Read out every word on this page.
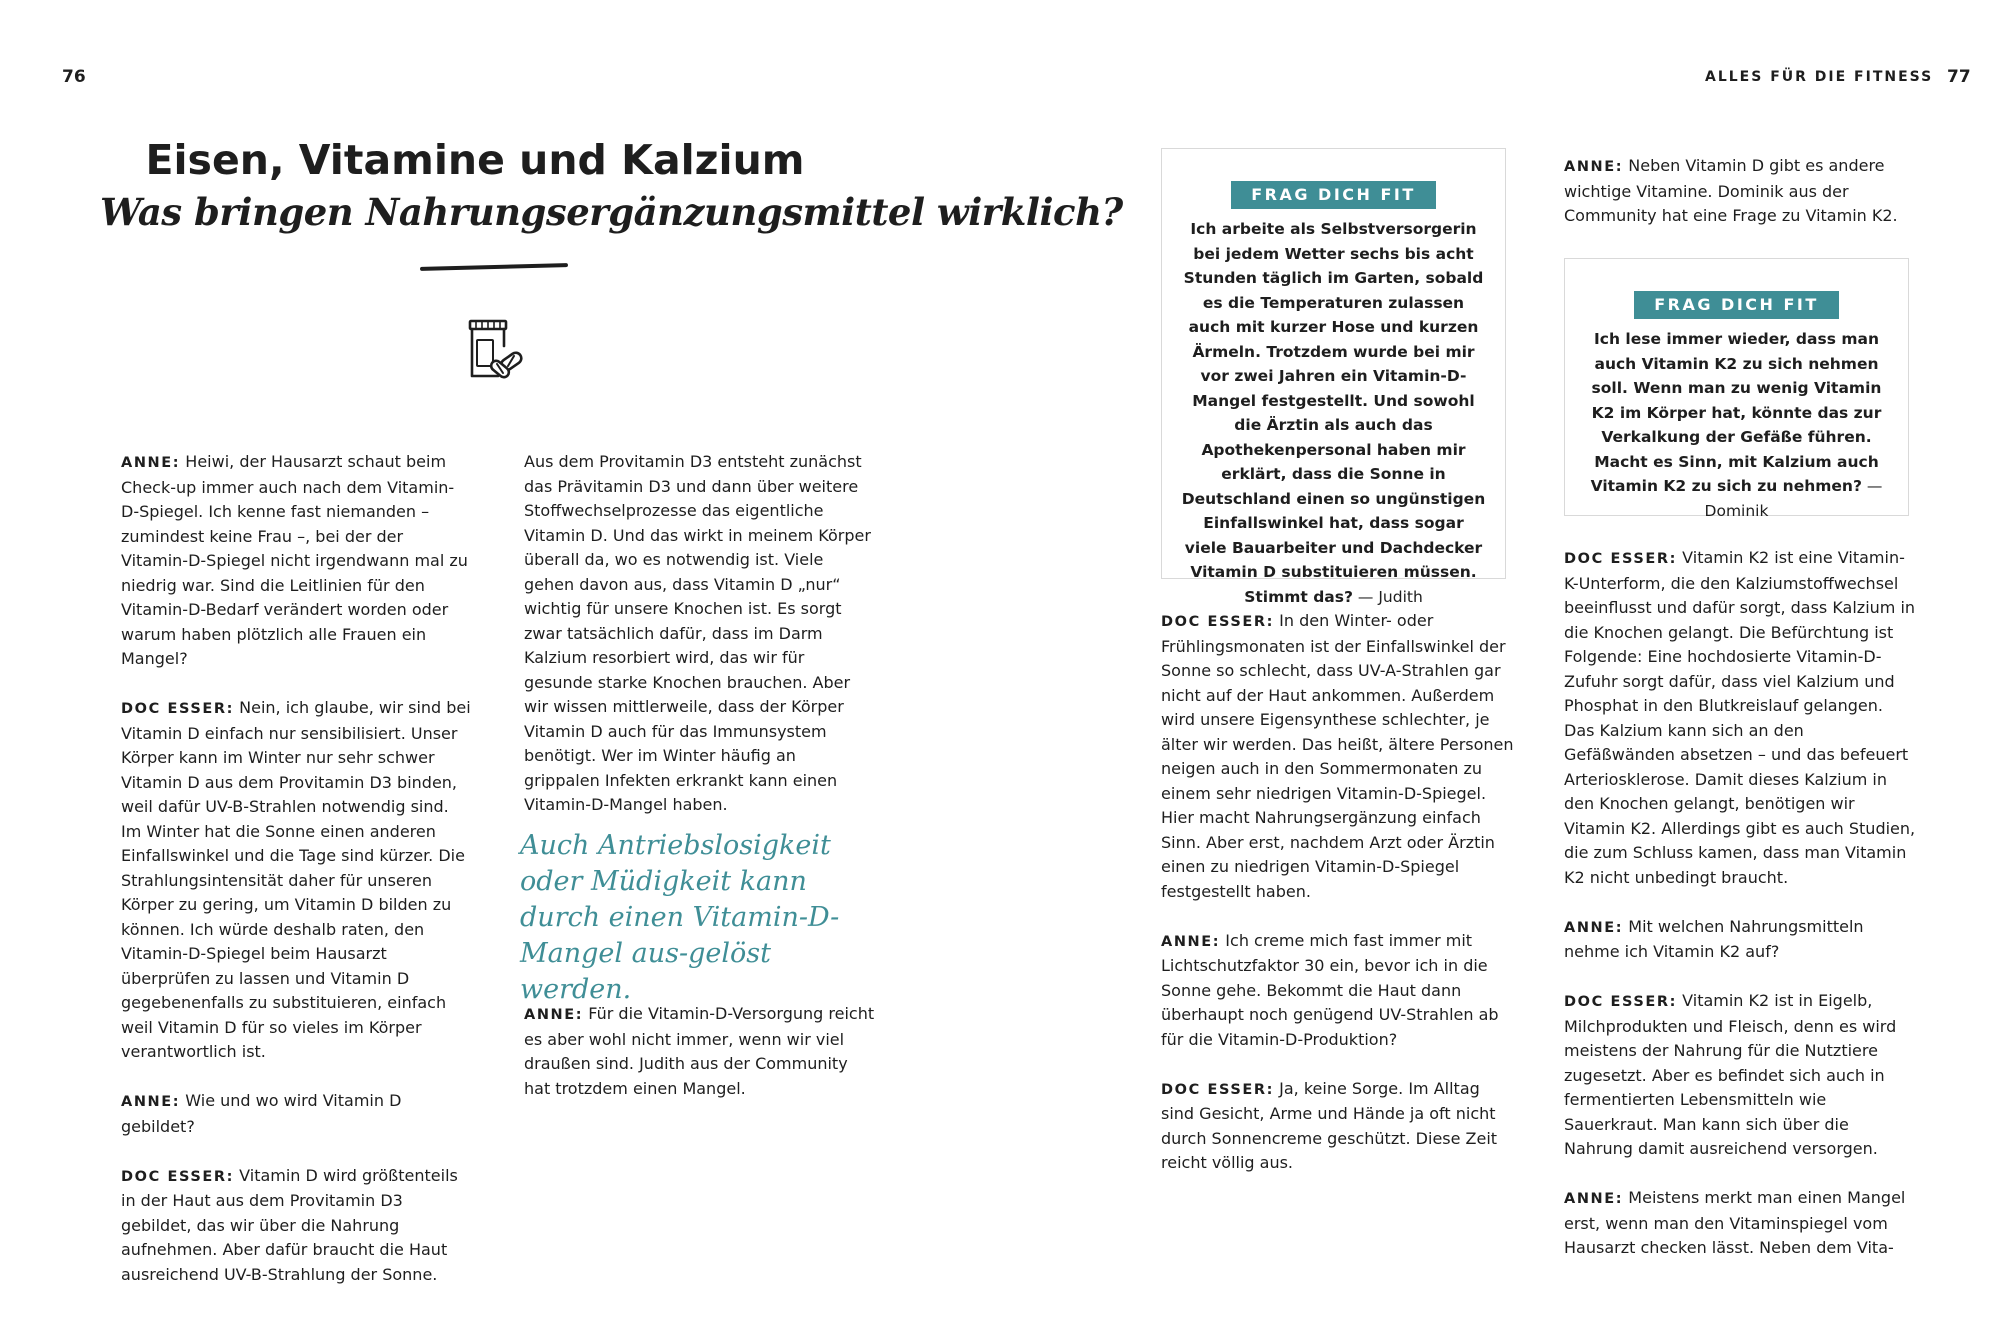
76	ALLES FÜR DIE FITNESS 77
Eisen, Vitamine und Kalzium
Was bringen Nahrungsergänzungsmittel wirklich?

ANNE: Heiwi, der Hausarzt schaut beim Check-up immer auch nach dem Vitamin-D-Spiegel. Ich kenne fast niemanden – zumindest keine Frau –, bei der der Vitamin-D-Spiegel nicht irgendwann mal zu niedrig war. Sind die Leitlinien für den Vitamin-D-Bedarf verändert worden oder warum haben plötzlich alle Frauen ein Mangel?

DOC ESSER: Nein, ich glaube, wir sind bei Vitamin D einfach nur sensibilisiert. Unser Körper kann im Winter nur sehr schwer Vitamin D aus dem Provitamin D3 binden, weil dafür UV-B-Strahlen notwendig sind. Im Winter hat die Sonne einen anderen Einfallswinkel und die Tage sind kürzer. Die Strahlungsintensität daher für unseren Körper zu gering, um Vitamin D bilden zu können. Ich würde deshalb raten, den Vitamin-D-Spiegel beim Hausarzt überprüfen zu lassen und Vitamin D gegebenenfalls zu substituieren, einfach weil Vitamin D für so vieles im Körper verantwortlich ist.

ANNE: Wie und wo wird Vitamin D gebildet?

DOC ESSER: Vitamin D wird größtenteils in der Haut aus dem Provitamin D3 gebildet, das wir über die Nahrung aufnehmen. Aber dafür braucht die Haut ausreichend UV-B-Strahlung der Sonne.

Aus dem Provitamin D3 entsteht zunächst das Prävitamin D3 und dann über weitere Stoffwechselprozesse das eigentliche Vitamin D. Und das wirkt in meinem Körper überall da, wo es notwendig ist. Viele gehen davon aus, dass Vitamin D „nur“ wichtig für unsere Knochen ist. Es sorgt zwar tatsächlich dafür, dass im Darm Kalzium resorbiert wird, das wir für gesunde starke Knochen brauchen. Aber wir wissen mittlerweile, dass der Körper Vitamin D auch für das Immunsystem benötigt. Wer im Winter häufig an grippalen Infekten erkrankt kann einen Vitamin-D-Mangel haben.

Auch Antriebslosigkeit oder Müdigkeit kann durch einen Vitamin-D-Mangel aus-gelöst werden.

ANNE: Für die Vitamin-D-Versorgung reicht es aber wohl nicht immer, wenn wir viel draußen sind. Judith aus der Community hat trotzdem einen Mangel.

FRAG DICH FIT
Ich arbeite als Selbstversorgerin bei jedem Wetter sechs bis acht Stunden täglich im Garten, sobald es die Temperaturen zulassen auch mit kurzer Hose und kurzen Ärmeln. Trotzdem wurde bei mir vor zwei Jahren ein Vitamin-D-Mangel festgestellt. Und sowohl die Ärztin als auch das Apothekenpersonal haben mir erklärt, dass die Sonne in Deutschland einen so ungünstigen Einfallswinkel hat, dass sogar viele Bauarbeiter und Dachdecker Vitamin D substituieren müssen. Stimmt das? — Judith

DOC ESSER: In den Winter- oder Frühlingsmonaten ist der Einfallswinkel der Sonne so schlecht, dass UV-A-Strahlen gar nicht auf der Haut ankommen. Außerdem wird unsere Eigensynthese schlechter, je älter wir werden. Das heißt, ältere Personen neigen auch in den Sommermonaten zu einem sehr niedrigen Vitamin-D-Spiegel. Hier macht Nahrungsergänzung einfach Sinn. Aber erst, nachdem Arzt oder Ärztin einen zu niedrigen Vitamin-D-Spiegel festgestellt haben.

ANNE: Ich creme mich fast immer mit Lichtschutzfaktor 30 ein, bevor ich in die Sonne gehe. Bekommt die Haut dann überhaupt noch genügend UV-Strahlen ab für die Vitamin-D-Produktion?

DOC ESSER: Ja, keine Sorge. Im Alltag sind Gesicht, Arme und Hände ja oft nicht durch Sonnencreme geschützt. Diese Zeit reicht völlig aus.

ANNE: Neben Vitamin D gibt es andere wichtige Vitamine. Dominik aus der Community hat eine Frage zu Vitamin K2.

FRAG DICH FIT
Ich lese immer wieder, dass man auch Vitamin K2 zu sich nehmen soll. Wenn man zu wenig Vitamin K2 im Körper hat, könnte das zur Verkalkung der Gefäße führen. Macht es Sinn, mit Kalzium auch Vitamin K2 zu sich zu nehmen? — Dominik

DOC ESSER: Vitamin K2 ist eine Vitamin-K-Unterform, die den Kalziumstoffwechsel beeinflusst und dafür sorgt, dass Kalzium in die Knochen gelangt. Die Befürchtung ist Folgende: Eine hochdosierte Vitamin-D-Zufuhr sorgt dafür, dass viel Kalzium und Phosphat in den Blutkreislauf gelangen. Das Kalzium kann sich an den Gefäßwänden absetzen – und das befeuert Arteriosklerose. Damit dieses Kalzium in den Knochen gelangt, benötigen wir Vitamin K2. Allerdings gibt es auch Studien, die zum Schluss kamen, dass man Vitamin K2 nicht unbedingt braucht.

ANNE: Mit welchen Nahrungsmitteln nehme ich Vitamin K2 auf?

DOC ESSER: Vitamin K2 ist in Eigelb, Milchprodukten und Fleisch, denn es wird meistens der Nahrung für die Nutztiere zugesetzt. Aber es befindet sich auch in fermentierten Lebensmitteln wie Sauerkraut. Man kann sich über die Nahrung damit ausreichend versorgen.

ANNE: Meistens merkt man einen Mangel erst, wenn man den Vitaminspiegel vom Hausarzt checken lässt. Neben dem Vita-
